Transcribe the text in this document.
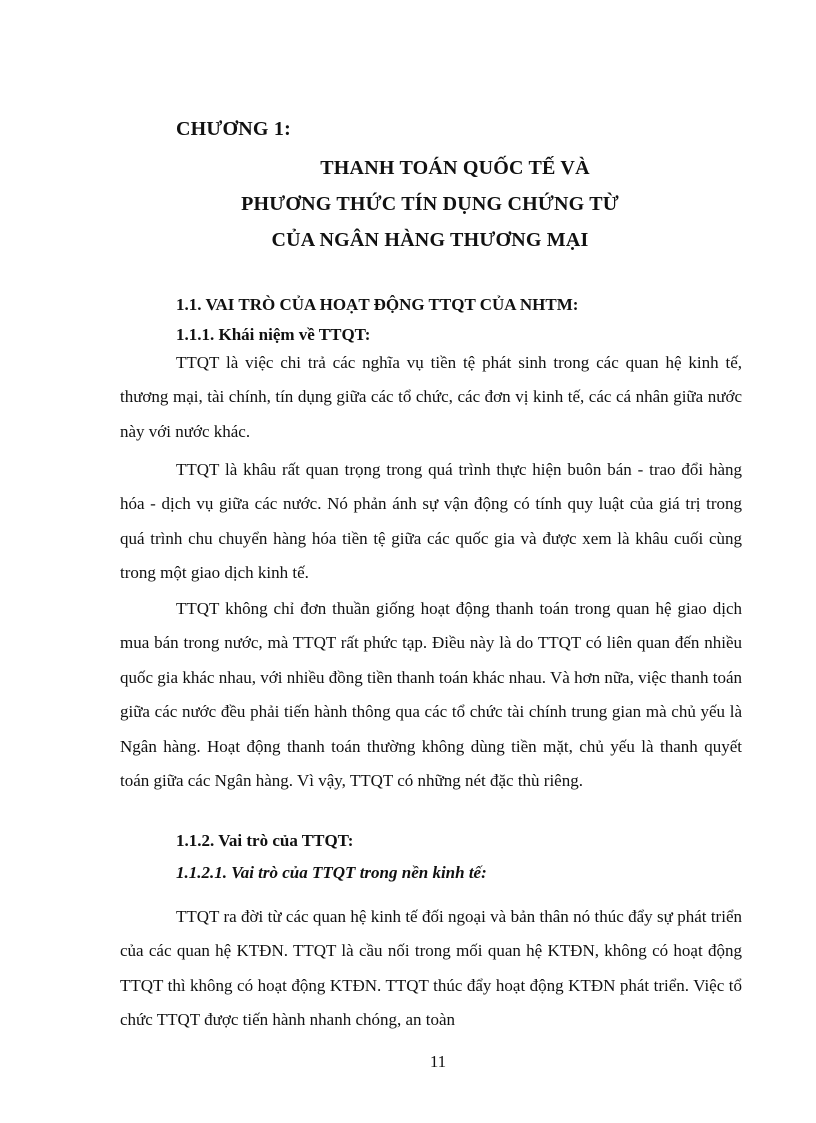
CHƯƠNG 1:
THANH TOÁN QUỐC TẾ VÀ
PHƯƠNG THỨC TÍN DỤNG CHỨNG TỪ
CỦA NGÂN HÀNG THƯƠNG MẠI
1.1. VAI TRÒ CỦA HOẠT ĐỘNG TTQT CỦA NHTM:
1.1.1. Khái niệm về TTQT:

TTQT là việc chi trả các nghĩa vụ tiền tệ phát sinh trong các quan hệ kinh tế, thương mại, tài chính, tín dụng giữa các tổ chức, các đơn vị kinh tế, các cá nhân giữa nước này với nước khác.

TTQT là khâu rất quan trọng trong quá trình thực hiện buôn bán - trao đổi hàng hóa - dịch vụ giữa các nước. Nó phản ánh sự vận động có tính quy luật của giá trị trong quá trình chu chuyển hàng hóa tiền tệ giữa các quốc gia và được xem là khâu cuối cùng trong một giao dịch kinh tế.

TTQT không chỉ đơn thuần giống hoạt động thanh toán trong quan hệ giao dịch mua bán trong nước, mà TTQT rất phức tạp. Điều này là do TTQT có liên quan đến nhiều quốc gia khác nhau, với nhiều đồng tiền thanh toán khác nhau. Và hơn nữa, việc thanh toán giữa các nước đều phải tiến hành thông qua các tổ chức tài chính trung gian mà chủ yếu là Ngân hàng. Hoạt động thanh toán thường không dùng tiền mặt, chủ yếu là thanh quyết toán giữa các Ngân hàng. Vì vậy, TTQT có những nét đặc thù riêng.

1.1.2. Vai trò của TTQT:
1.1.2.1. Vai trò của TTQT trong nền kinh tế:

TTQT ra đời từ các quan hệ kinh tế đối ngoại và bản thân nó thúc đẩy sự phát triển của các quan hệ KTĐN. TTQT là cầu nối trong mối quan hệ KTĐN, không có hoạt động TTQT thì không có hoạt động KTĐN. TTQT thúc đẩy hoạt động KTĐN phát triển. Việc tổ chức TTQT được tiến hành nhanh chóng, an toàn

11
